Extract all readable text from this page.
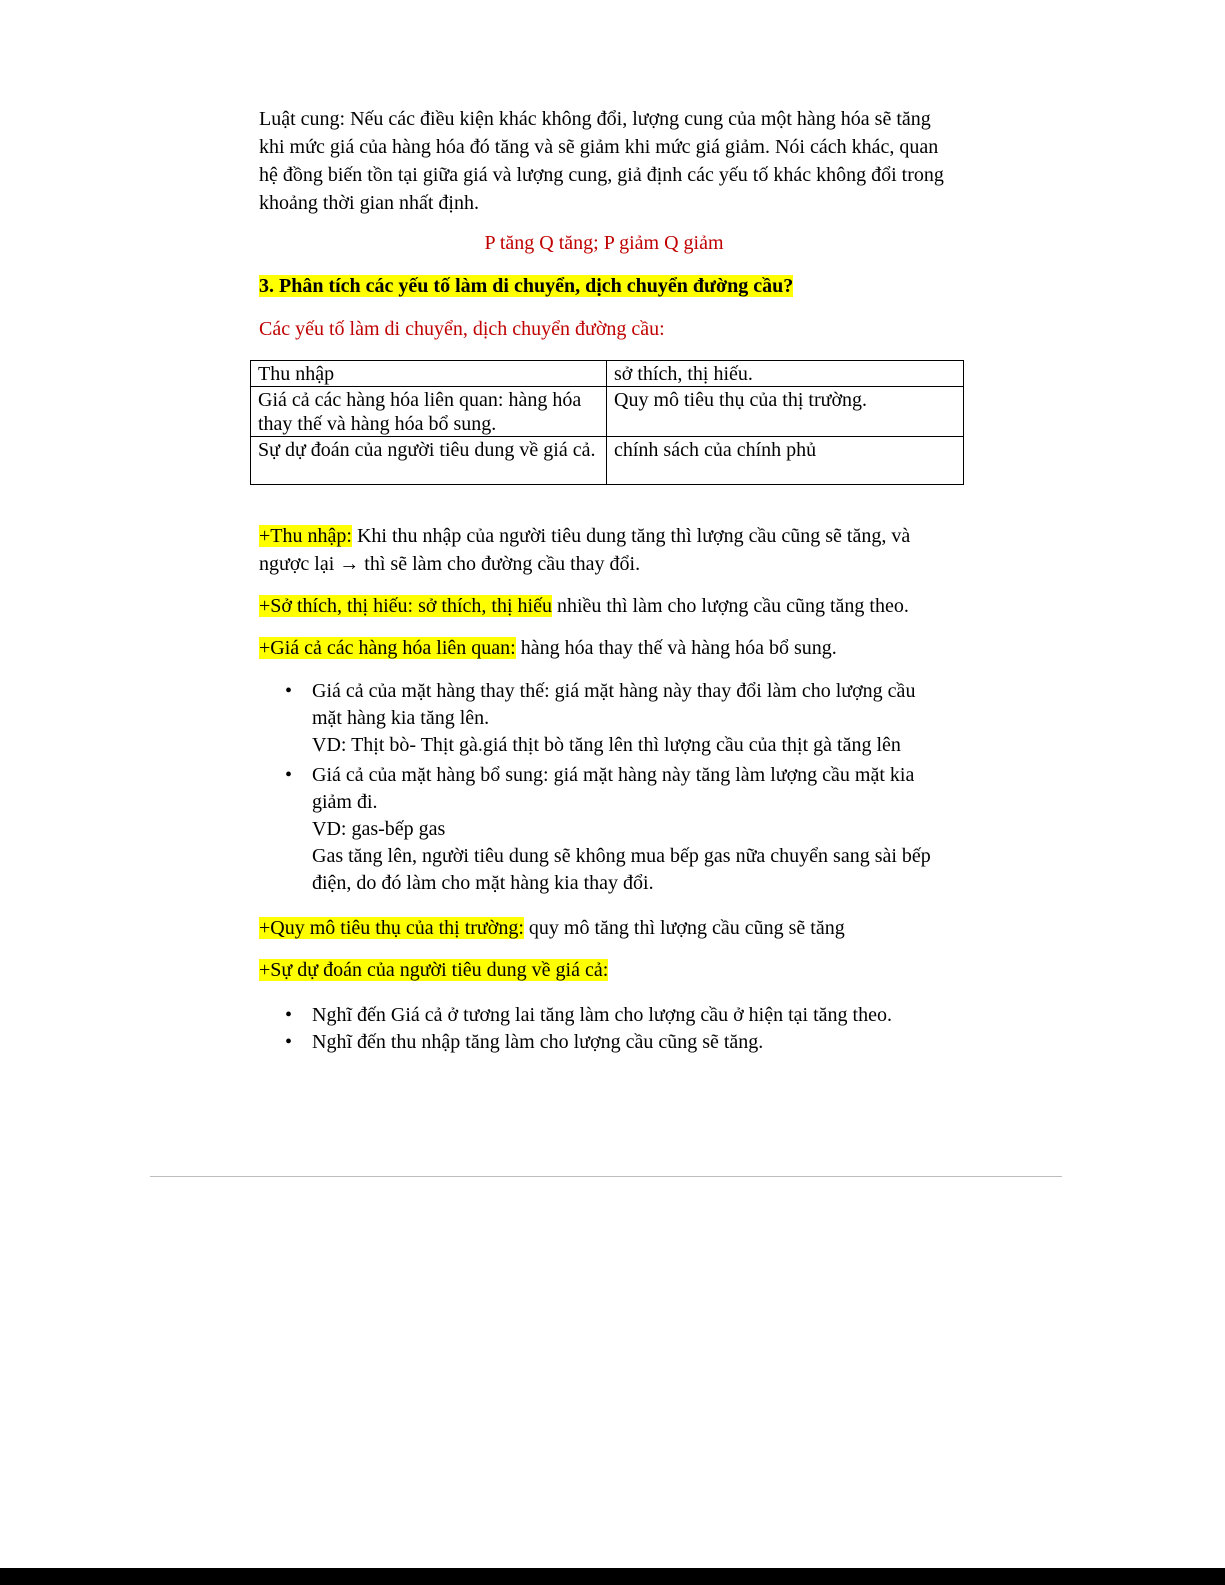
Luật cung: Nếu các điều kiện khác không đổi, lượng cung của một hàng hóa sẽ tăng khi mức giá của hàng hóa đó tăng và sẽ giảm khi mức giá giảm. Nói cách khác, quan hệ đồng biến tồn tại giữa giá và lượng cung, giả định các yếu tố khác không đổi trong khoảng thời gian nhất định.

P tăng Q tăng; P giảm Q giảm

3. Phân tích các yếu tố làm di chuyển, dịch chuyển đường cầu?

Các yếu tố làm di chuyển, dịch chuyển đường cầu:

Thu nhập	sở thích, thị hiếu.
Giá cả các hàng hóa liên quan: hàng hóa thay thế và hàng hóa bổ sung.	Quy mô tiêu thụ của thị trường.
Sự dự đoán của người tiêu dung về giá cả.	chính sách của chính phủ

+Thu nhập: Khi thu nhập của người tiêu dung tăng thì lượng cầu cũng sẽ tăng, và ngược lại → thì sẽ làm cho đường cầu thay đổi.

+Sở thích, thị hiếu: sở thích, thị hiếu nhiều thì làm cho lượng cầu cũng tăng theo.

+Giá cả các hàng hóa liên quan: hàng hóa thay thế và hàng hóa bổ sung.

• Giá cả của mặt hàng thay thế: giá mặt hàng này thay đổi làm cho lượng cầu mặt hàng kia tăng lên.
VD: Thịt bò- Thịt gà.giá thịt bò tăng lên thì lượng cầu của thịt gà tăng lên
• Giá cả của mặt hàng bổ sung: giá mặt hàng này tăng làm lượng cầu mặt kia giảm đi.
VD: gas-bếp gas
Gas tăng lên, người tiêu dung sẽ không mua bếp gas nữa chuyển sang sài bếp điện, do đó làm cho mặt hàng kia thay đổi.

+Quy mô tiêu thụ của thị trường: quy mô tăng thì lượng cầu cũng sẽ tăng

+Sự dự đoán của người tiêu dung về giá cả:

• Nghĩ đến Giá cả ở tương lai tăng làm cho lượng cầu ở hiện tại tăng theo.
• Nghĩ đến thu nhập tăng làm cho lượng cầu cũng sẽ tăng.
